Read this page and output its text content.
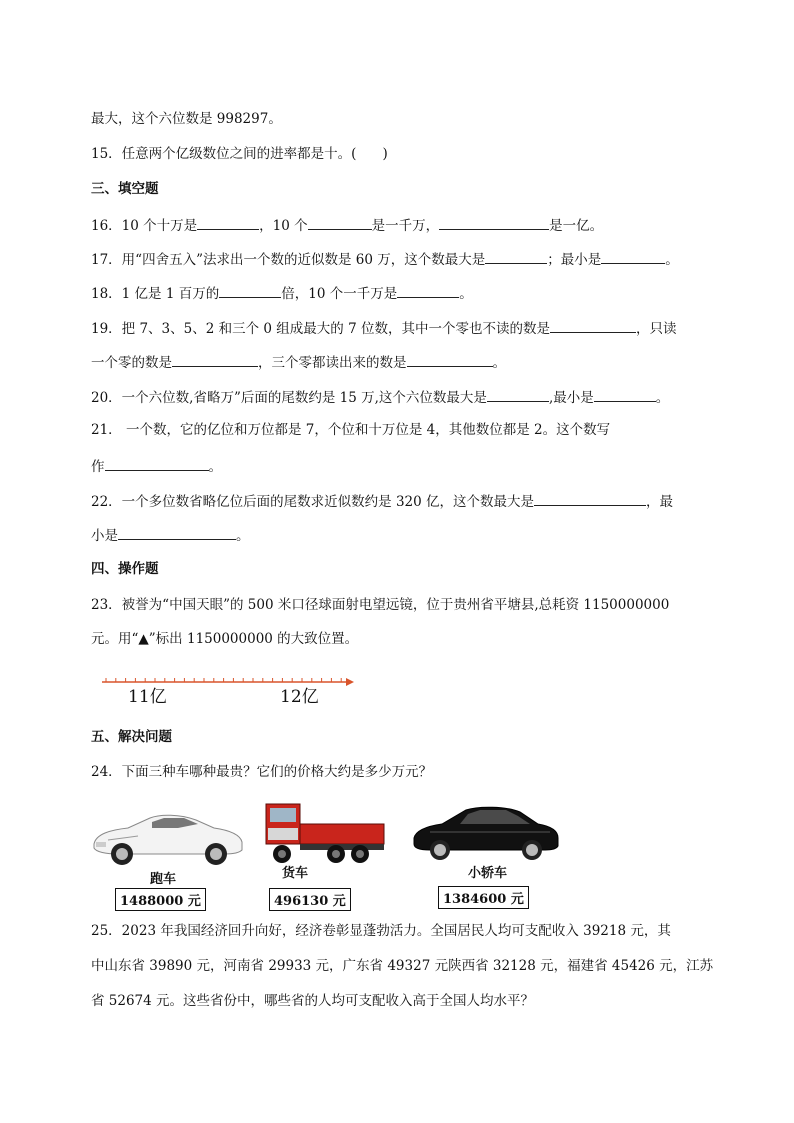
最大，这个六位数是 998297。
15．任意两个亿级数位之间的进率都是十。( )
三、填空题
16．10 个十万是	，10 个	是一千万，	是一亿。
17．用“四舍五入”法求出一个数的近似数是 60 万，这个数最大是	；最小是	。
18．1 亿是 1 百万的	倍，10 个一千万是	。
19．把 7、3、5、2 和三个 0 组成最大的 7 位数，其中一个零也不读的数是	，只读
一个零的数是	，三个零都读出来的数是	。
20．一个六位数,省略万”后面的尾数约是 15 万,这个六位数最大是	,最小是	。
21． 一个数，它的亿位和万位都是 7，个位和十万位是 4，其他数位都是 2。这个数写
作	。
22．一个多位数省略亿位后面的尾数求近似数约是 320 亿，这个数最大是	，最
小是	。
四、操作题
23．被誉为“中国天眼”的 500 米口径球面射电望远镜，位于贵州省平塘县,总耗资 1150000000
元。用“▲”标出 1150000000 的大致位置。
11亿	12亿
五、解决问题
24．下面三种车哪种最贵？它们的价格大约是多少万元？
跑车
1488000 元
货车
496130 元
小轿车
1384600 元
25．2023 年我国经济回升向好，经济卷彰显蓬勃活力。全国居民人均可支配收入 39218 元，其
中山东省 39890 元，河南省 29933 元，广东省 49327 元陕西省 32128 元，福建省 45426 元，江苏
省 52674 元。这些省份中，哪些省的人均可支配收入高于全国人均水平？
